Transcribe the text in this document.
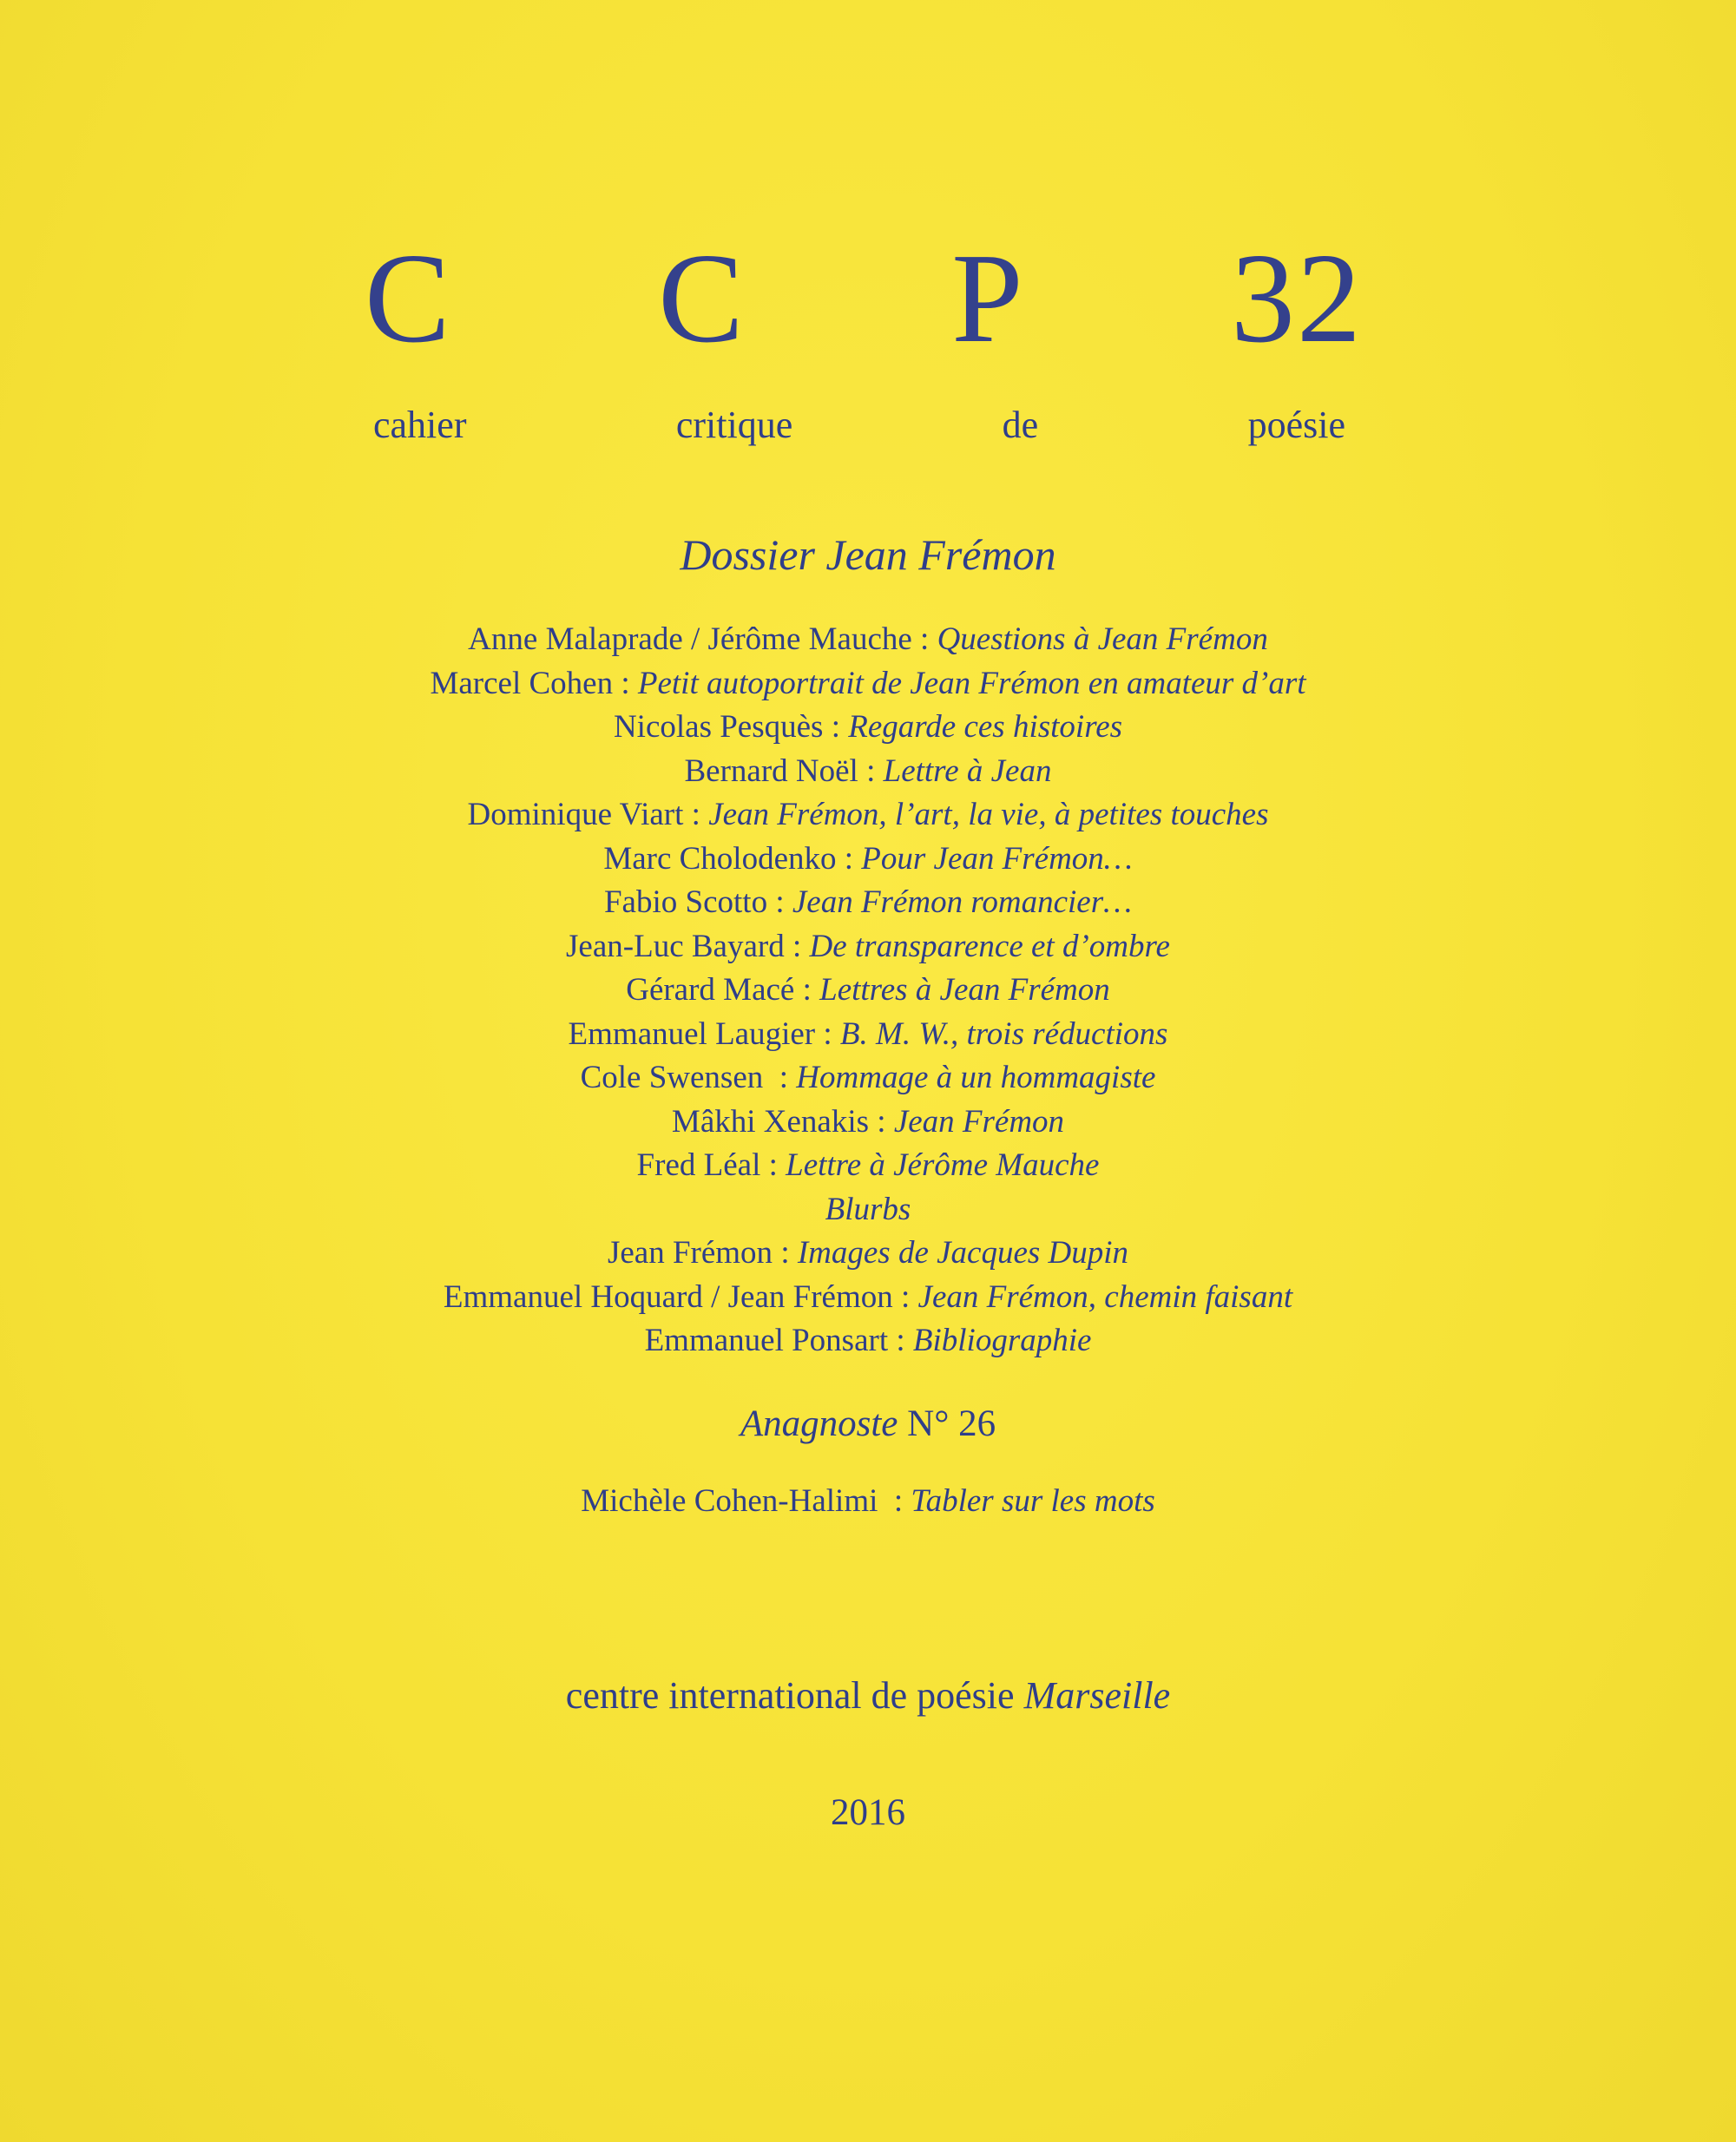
C C P 32
cahier	critique	de	poésie
Dossier Jean Frémon
Anne Malaprade / Jérôme Mauche : Questions à Jean Frémon
Marcel Cohen : Petit autoportrait de Jean Frémon en amateur d’art
Nicolas Pesquès : Regarde ces histoires
Bernard Noël : Lettre à Jean
Dominique Viart : Jean Frémon, l’art, la vie, à petites touches
Marc Cholodenko : Pour Jean Frémon…
Fabio Scotto : Jean Frémon romancier…
Jean-Luc Bayard : De transparence et d’ombre
Gérard Macé : Lettres à Jean Frémon
Emmanuel Laugier : B. M. W., trois réductions
Cole Swensen  : Hommage à un hommagiste
Mâkhi Xenakis : Jean Frémon
Fred Léal : Lettre à Jérôme Mauche
Blurbs
Jean Frémon : Images de Jacques Dupin
Emmanuel Hoquard / Jean Frémon : Jean Frémon, chemin faisant
Emmanuel Ponsart : Bibliographie
Anagnoste N° 26
Michèle Cohen-Halimi  : Tabler sur les mots
centre international de poésie Marseille
2016
